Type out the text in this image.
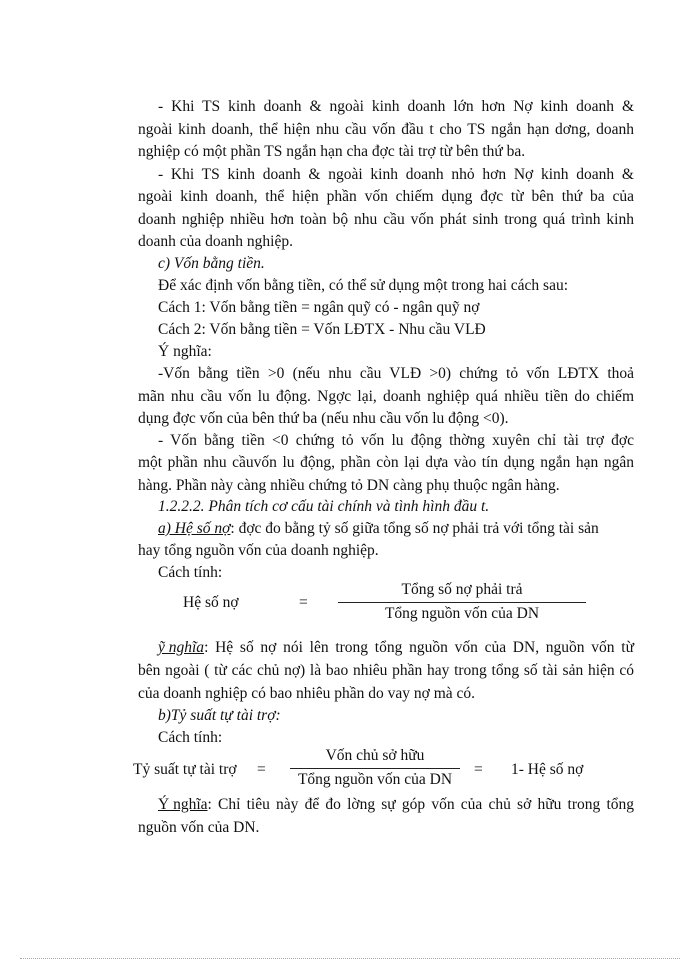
- Khi TS kinh doanh & ngoài kinh doanh lớn hơn Nợ kinh doanh &
ngoài kinh doanh, thể hiện nhu cầu vốn đầu t cho TS ngắn hạn dơng, doanh
nghiệp có một phần TS ngắn hạn cha đợc tài trợ từ bên thứ ba.
- Khi TS kinh doanh & ngoài kinh doanh nhỏ hơn Nợ kinh doanh &
ngoài kinh doanh, thể hiện phần vốn chiếm dụng đợc từ bên thứ ba của
doanh nghiệp nhiều hơn toàn bộ nhu cầu vốn phát sinh trong quá trình kinh
doanh của doanh nghiệp.
c) Vốn bằng tiền.
Để xác định vốn bằng tiền, có thể sử dụng một trong hai cách sau:
Cách 1: Vốn bằng tiền = ngân quỹ có - ngân quỹ nợ
Cách 2: Vốn bằng tiền = Vốn LĐTX - Nhu cầu VLĐ
Ý nghĩa:
-Vốn bằng tiền >0 (nếu nhu cầu VLĐ >0) chứng tỏ vốn LĐTX thoả
mãn nhu cầu vốn lu động. Ngợc lại, doanh nghiệp quá nhiều tiền do chiếm
dụng đợc vốn của bên thứ ba (nếu nhu cầu vốn lu động <0).
- Vốn bằng tiền <0 chứng tỏ vốn lu động thờng xuyên chỉ tài trợ đợc
một phần nhu cầuvốn lu động, phần còn lại dựa vào tín dụng ngắn hạn ngân
hàng. Phần này càng nhiều chứng tỏ DN càng phụ thuộc ngân hàng.
1.2.2.2. Phân tích cơ cấu tài chính và tình hình đầu t.
a) Hệ số nợ : đợc đo bằng tỷ số giữa tổng số nợ phải trả với tổng tài sản
hay tổng nguồn vốn của doanh nghiệp.
Cách tính:
Hệ số nợ	=
Tổng số nợ phải trả
Tổng nguồn vốn của DN
ỹ nghĩa : Hệ số nợ nói lên trong tổng nguồn vốn của DN, nguồn vốn từ
bên ngoài ( từ các chủ nợ) là bao nhiêu phần hay trong tổng số tài sản hiện có
của doanh nghiệp có bao nhiêu phần do vay nợ mà có.
b)Tỷ suất tự tài trợ:
Cách tính:
Tỷ suất tự tài trợ =
Vốn chủ sở hữu
Tổng nguồn vốn của DN
= 1- Hệ số nợ
Ý nghĩa : Chỉ tiêu này để đo lờng sự góp vốn của chủ sở hữu trong tổng
nguồn vốn của DN.
